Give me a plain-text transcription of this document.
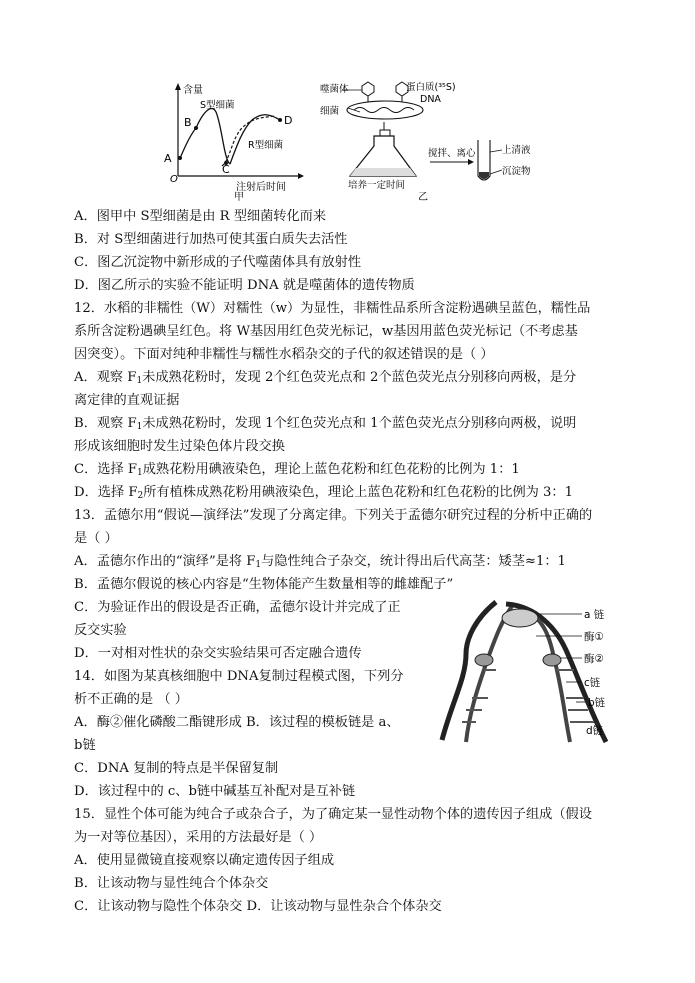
含量
O
A
B
C
D
S型细菌
R型细菌
注射后时间
甲
噬菌体	蛋白质(³⁵S)
DNA
细菌
培养一定时间
搅拌、离心	上清液
沉淀物
乙
A．图甲中 S型细菌是由 R 型细菌转化而来
B．对 S型细菌进行加热可使其蛋白质失去活性
C．图乙沉淀物中新形成的子代噬菌体具有放射性
D．图乙所示的实验不能证明 DNA 就是噬菌体的遗传物质
12．水稻的非糯性（W）对糯性（w）为显性，非糯性品系所含淀粉遇碘呈蓝色，糯性品
系所含淀粉遇碘呈红色。将 W基因用红色荧光标记，w基因用蓝色荧光标记（不考虑基
因突变）。下面对纯种非糯性与糯性水稻杂交的子代的叙述错误的是（ ）
A．观察 $F_1$未成熟花粉时，发现 2个红色荧光点和 2个蓝色荧光点分别移向两极，是分
离定律的直观证据
B．观察 $F_1$未成熟花粉时，发现 1个红色荧光点和 1个蓝色荧光点分别移向两极，说明
形成该细胞时发生过染色体片段交换
C．选择 $F_1$成熟花粉用碘液染色，理论上蓝色花粉和红色花粉的比例为 1：1
D．选择 $F_2$所有植株成熟花粉用碘液染色，理论上蓝色花粉和红色花粉的比例为 3：1
13．孟德尔用“假说—演绎法”发现了分离定律。下列关于孟德尔研究过程的分析中正确的
是（ ）
A．孟德尔作出的“演绎”是将 $F_1$与隐性纯合子杂交，统计得出后代高茎：矮茎≈1：1
B．孟德尔假说的核心内容是“生物体能产生数量相等的雌雄配子”
C．为验证作出的假设是否正确，孟德尔设计并完成了正
反交实验
D．一对相对性状的杂交实验结果可否定融合遗传
14．如图为某真核细胞中 DNA复制过程模式图，下列分
析不正确的是 （ ）
A．酶②催化磷酸二酯键形成 B．该过程的模板链是 a、
b链
C．DNA 复制的特点是半保留复制
D．该过程中的 c、b链中碱基互补配对是互补链
a 链
酶①
酶②
c链
b链
d链
15．显性个体可能为纯合子或杂合子，为了确定某一显性动物个体的遗传因子组成（假设
为一对等位基因），采用的方法最好是（ ）
A．使用显微镜直接观察以确定遗传因子组成
B．让该动物与显性纯合个体杂交
C．让该动物与隐性个体杂交 D．让该动物与显性杂合个体杂交
